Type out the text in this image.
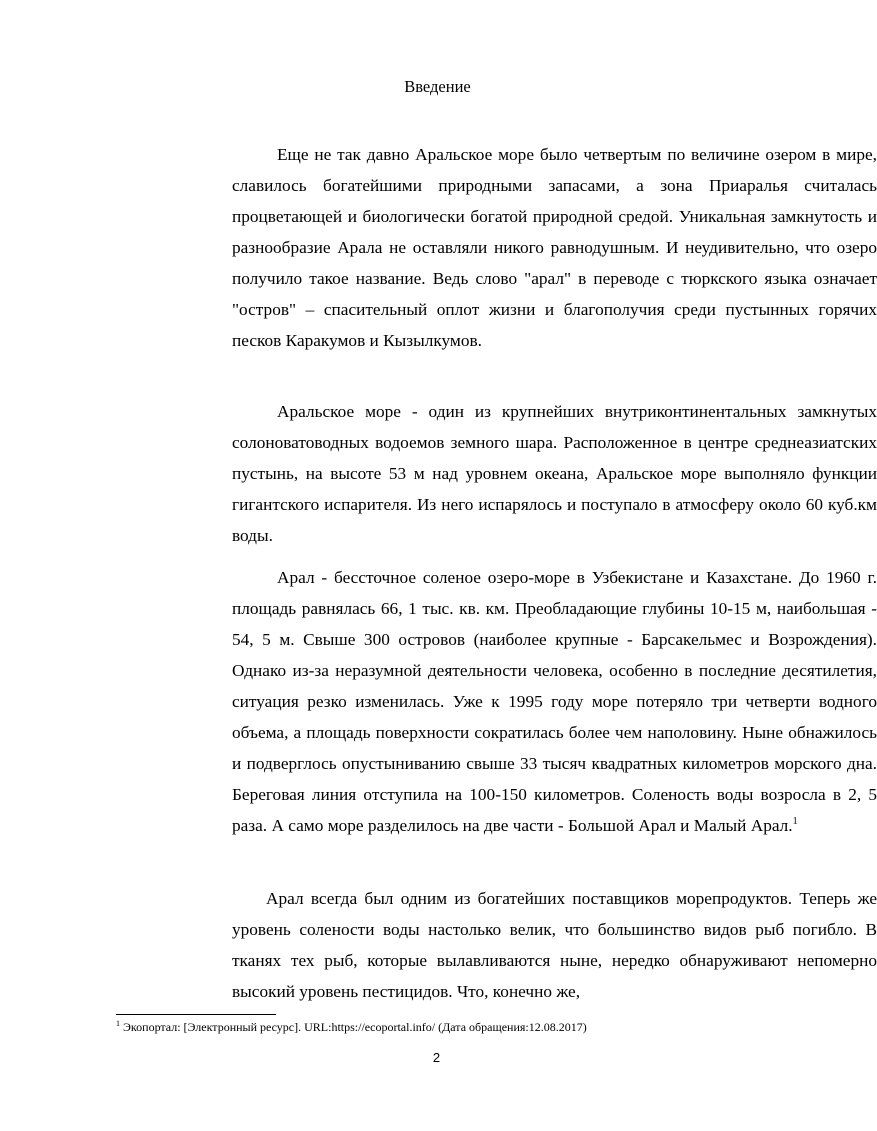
Введение

Еще не так давно Аральское море было четвертым по величине озером в мире, славилось богатейшими природными запасами, а зона Приаралья считалась процветающей и биологически богатой природной средой. Уникальная замкнутость и разнообразие Арала не оставляли никого равнодушным. И неудивительно, что озеро получило такое название. Ведь слово "арал" в переводе с тюркского языка означает "остров" – спасительный оплот жизни и благополучия среди пустынных горячих песков Каракумов и Кызылкумов.

Аральское море - один из крупнейших внутриконтинентальных замкнутых солоноватоводных водоемов земного шара. Расположенное в центре среднеазиатских пустынь, на высоте 53 м над уровнем океана, Аральское море выполняло функции гигантского испарителя. Из него испарялось и поступало в атмосферу около 60 куб.км воды.

Арал - бессточное соленое озеро-море в Узбекистане и Казахстане. До 1960 г. площадь равнялась 66, 1 тыс. кв. км. Преобладающие глубины 10-15 м, наибольшая - 54, 5 м. Свыше 300 островов (наиболее крупные - Барсакельмес и Возрождения). Однако из-за неразумной деятельности человека, особенно в последние десятилетия, ситуация резко изменилась. Уже к 1995 году море потеряло три четверти водного объема, а площадь поверхности сократилась более чем наполовину. Ныне обнажилось и подверглось опустыниванию свыше 33 тысяч квадратных километров морского дна. Береговая линия отступила на 100-150 километров. Соленость воды возросла в 2, 5 раза. А само море разделилось на две части - Большой Арал и Малый Арал.$^1$

Арал всегда был одним из богатейших поставщиков морепродуктов. Теперь же уровень солености воды настолько велик, что большинство видов рыб погибло. В тканях тех рыб, которые вылавливаются ныне, нередко обнаруживают непомерно высокий уровень пестицидов. Что, конечно же,

$^1$ Экопортал: [Электронный ресурс]. URL:https://ecoportal.info/ (Дата обращения:12.08.2017)
2
